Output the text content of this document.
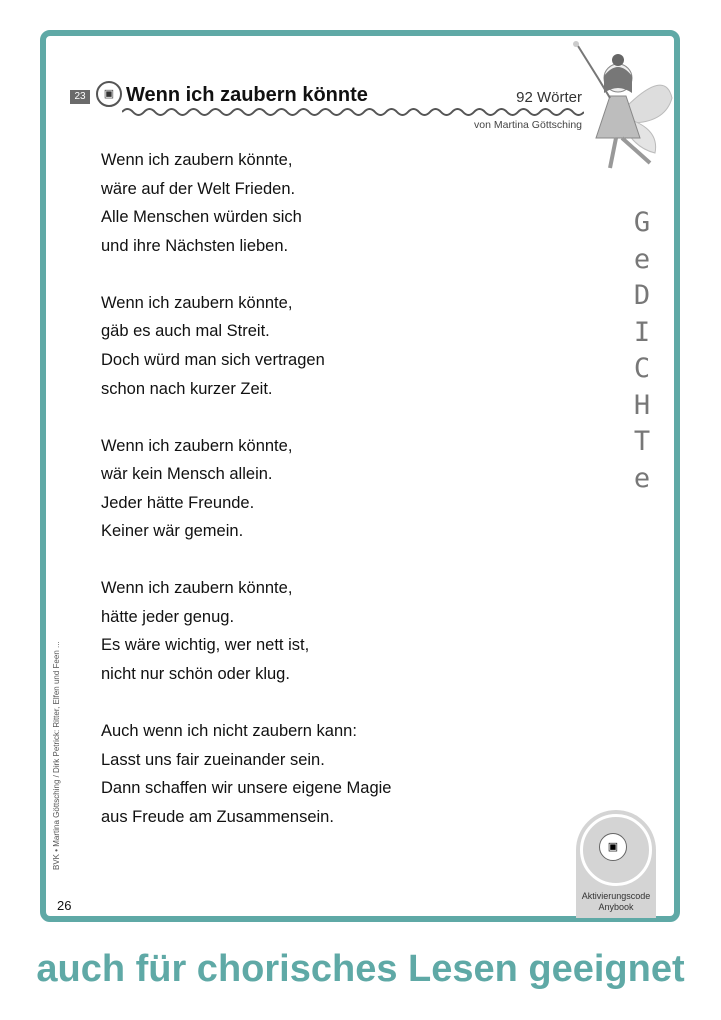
23	▣ Wenn ich zaubern könnte	92 Wörter
von Martina Göttsching
Wenn ich zaubern könnte,
wäre auf der Welt Frieden.
Alle Menschen würden sich
und ihre Nächsten lieben.
Wenn ich zaubern könnte,
gäb es auch mal Streit.
Doch würd man sich vertragen
schon nach kurzer Zeit.
Wenn ich zaubern könnte,
wär kein Mensch allein.
Jeder hätte Freunde.
Keiner wär gemein.
Wenn ich zaubern könnte,
hätte jeder genug.
Es wäre wichtig, wer nett ist,
nicht nur schön oder klug.
Auch wenn ich nicht zaubern kann:
Lasst uns fair zueinander sein.
Dann schaffen wir unsere eigene Magie
aus Freude am Zusammensein.
G
e
D
I
C
H
T
e
BVK • Martina Göttsching / Dirk Petrick: Ritter, Elfen und Feen ...
26
▣
Aktivierungscode
Anybook
auch für chorisches Lesen geeignet
